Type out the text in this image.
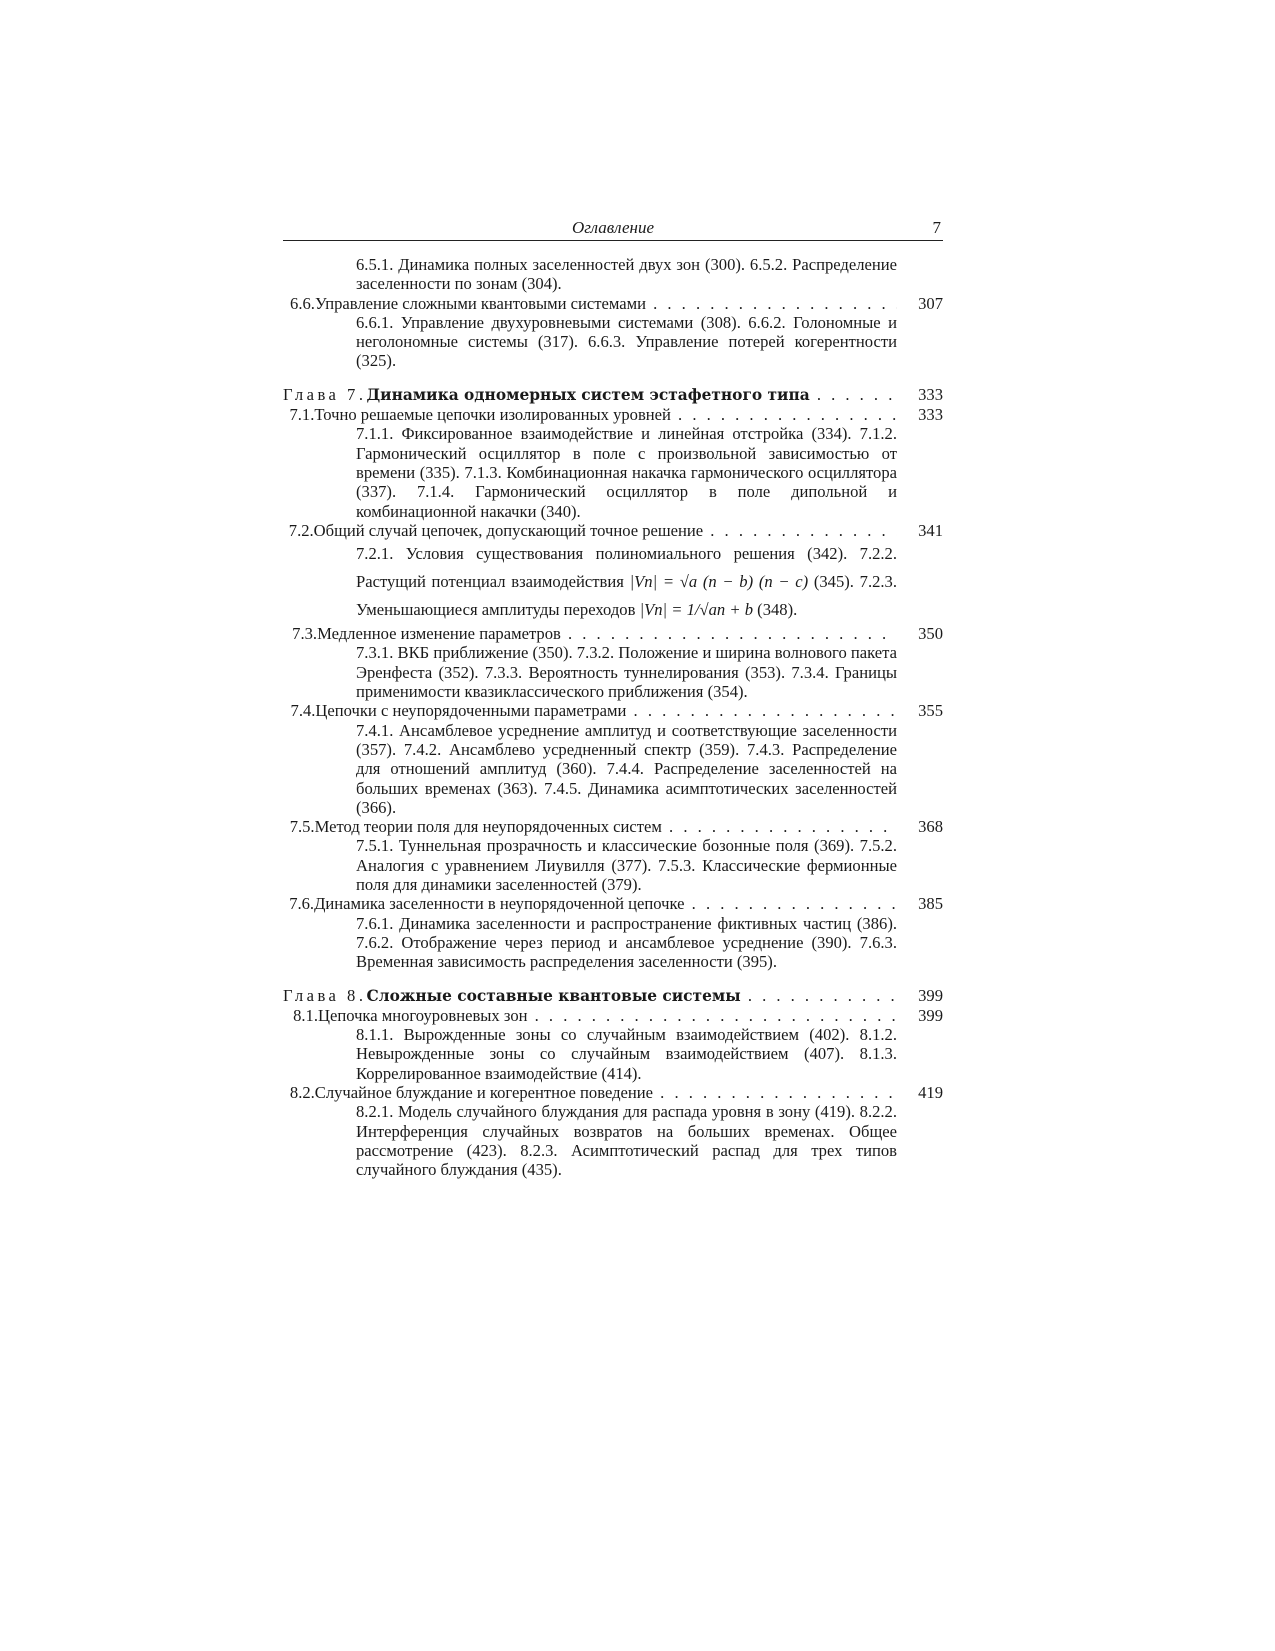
Оглавление	7
6.5.1. Динамика полных заселенностей двух зон (300). 6.5.2. Распределение заселенности по зонам (304).
6.6. Управление сложными квантовыми системами . . .	307
6.6.1. Управление двухуровневыми системами (308). 6.6.2. Голономные и неголономные системы (317). 6.6.3. Управление потерей когерентности (325).
Глава 7. Динамика одномерных систем эстафетного типа . . .	333
7.1. Точно решаемые цепочки изолированных уровней . . .	333
7.1.1. Фиксированное взаимодействие и линейная отстройка (334). 7.1.2. Гармонический осциллятор в поле с произвольной зависимостью от времени (335). 7.1.3. Комбинационная накачка гармонического осциллятора (337). 7.1.4. Гармонический осциллятор в поле дипольной и комбинационной накачки (340).
7.2. Общий случай цепочек, допускающий точное решение . . .	341
7.2.1. Условия существования полиномиального решения (342). 7.2.2. Растущий потенциал взаимодействия |Vn| = √a (n − b) (n − c) (345). 7.2.3. Уменьшающиеся амплитуды переходов |Vn| = 1/√an + b (348).
7.3. Медленное изменение параметров . . .	350
7.3.1. ВКБ приближение (350). 7.3.2. Положение и ширина волнового пакета Эренфеста (352). 7.3.3. Вероятность туннелирования (353). 7.3.4. Границы применимости квазиклассического приближения (354).
7.4. Цепочки с неупорядоченными параметрами . . .	355
7.4.1. Ансамблевое усреднение амплитуд и соответствующие заселенности (357). 7.4.2. Ансамблево усредненный спектр (359). 7.4.3. Распределение для отношений амплитуд (360). 7.4.4. Распределение заселенностей на больших временах (363). 7.4.5. Динамика асимптотических заселенностей (366).
7.5. Метод теории поля для неупорядоченных систем . . .	368
7.5.1. Туннельная прозрачность и классические бозонные поля (369). 7.5.2. Аналогия с уравнением Лиувилля (377). 7.5.3. Классические фермионные поля для динамики заселенностей (379).
7.6. Динамика заселенности в неупорядоченной цепочке . . .	385
7.6.1. Динамика заселенности и распространение фиктивных частиц (386). 7.6.2. Отображение через период и ансамблевое усреднение (390). 7.6.3. Временная зависимость распределения заселенности (395).
Глава 8. Сложные составные квантовые системы . . .	399
8.1. Цепочка многоуровневых зон . . .	399
8.1.1. Вырожденные зоны со случайным взаимодействием (402). 8.1.2. Невырожденные зоны со случайным взаимодействием (407). 8.1.3. Коррелированное взаимодействие (414).
8.2. Случайное блуждание и когерентное поведение . . .	419
8.2.1. Модель случайного блуждания для распада уровня в зону (419). 8.2.2. Интерференция случайных возвратов на больших временах. Общее рассмотрение (423). 8.2.3. Асимптотический распад для трех типов случайного блуждания (435).
